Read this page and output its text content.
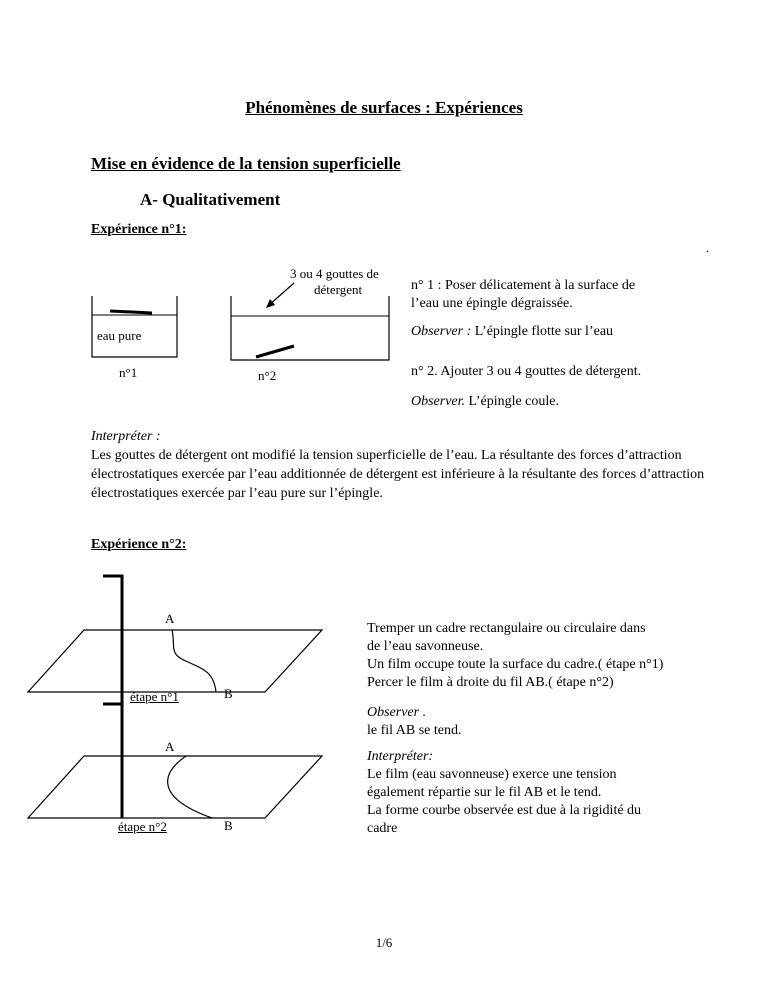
Phénomènes de surfaces : Expériences
Mise en évidence de la tension superficielle
A- Qualitativement
Expérience n°1:
.
3 ou 4 gouttes de
détergent
eau pure
n°1	n°2
n° 1 : Poser délicatement à la surface de
l’eau une épingle dégraissée.
Observer : L’épingle flotte sur l’eau
n° 2. Ajouter 3 ou 4 gouttes de détergent.
Observer. L’épingle coule.
Interpréter :
Les gouttes de détergent ont modifié la tension superficielle de l’eau. La résultante des forces d’attraction électrostatiques exercée par l’eau additionnée de détergent est inférieure à la résultante des forces d’attraction électrostatiques exercée par l’eau pure sur l’épingle.
Expérience n°2:
A
B
étape n°1
A
B
étape n°2
Tremper un cadre rectangulaire ou circulaire dans
de l’eau savonneuse.
Un film occupe toute la surface du cadre.( étape n°1)
Percer le film à droite du fil AB.( étape n°2)
Observer .
le fil AB se tend.
Interpréter:
Le film (eau savonneuse) exerce une tension
également répartie sur le fil AB et le tend.
La forme courbe observée est due à la rigidité du
cadre
1/6
